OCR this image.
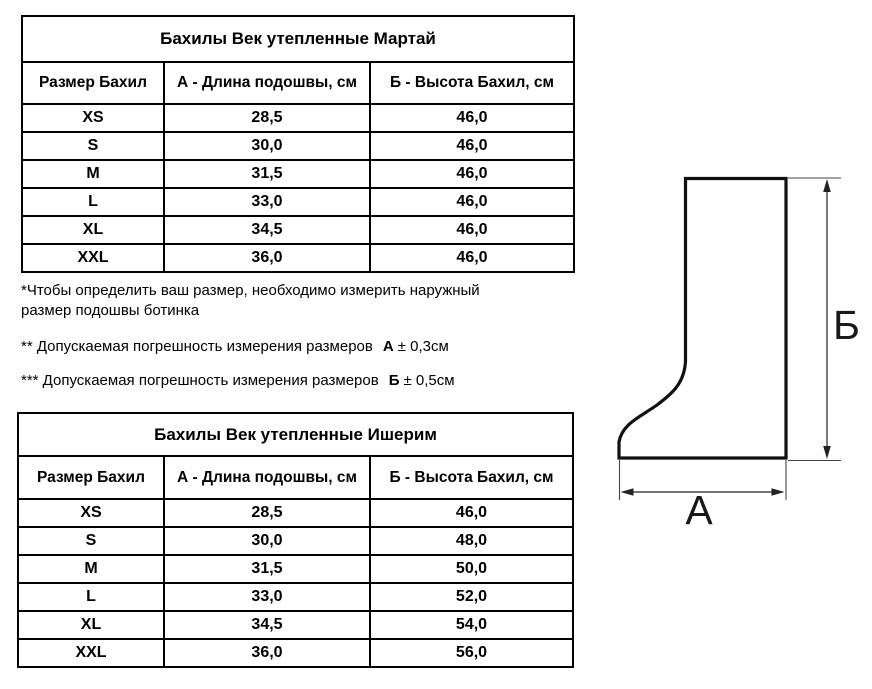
Бахилы Век утепленные Мартай		
Размер Бахил	А - Длина подошвы, см	Б - Высота Бахил, см
XS	28,5	46,0
S	30,0	46,0
M	31,5	46,0
L	33,0	46,0
XL	34,5	46,0
XXL	36,0	46,0

*Чтобы определить ваш размер, необходимо измерить наружный размер подошвы ботинка

** Допускаемая погрешность измерения размеров А ± 0,3см

*** Допускаемая погрешность измерения размеров Б ± 0,5см

Бахилы Век утепленные Ишерим		
Размер Бахил	А - Длина подошвы, см	Б - Высота Бахил, см
XS	28,5	46,0
S	30,0	48,0
M	31,5	50,0
L	33,0	52,0
XL	34,5	54,0
XXL	36,0	56,0
Б
А
